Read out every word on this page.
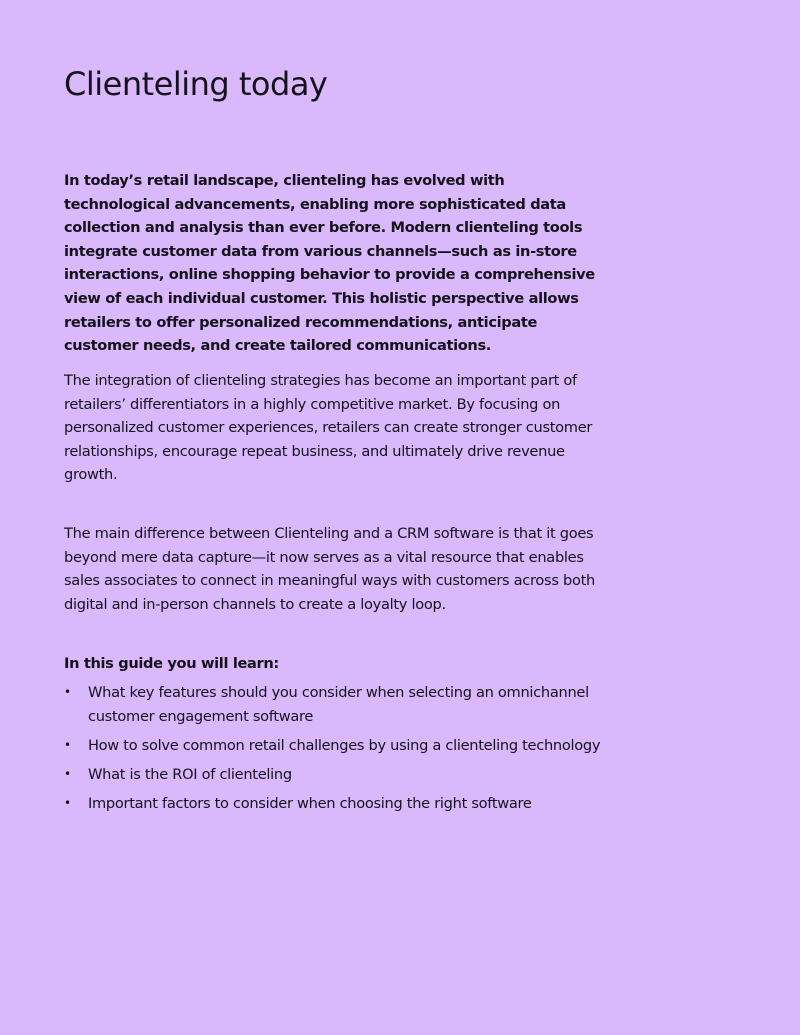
Clienteling today

In today’s retail landscape, clienteling has evolved with technological advancements, enabling more sophisticated data collection and analysis than ever before. Modern clienteling tools integrate customer data from various channels—such as in-store interactions, online shopping behavior to provide a comprehensive view of each individual customer. This holistic perspective allows retailers to offer personalized recommendations, anticipate customer needs, and create tailored communications.

The integration of clienteling strategies has become an important part of retailers’ differentiators in a highly competitive market. By focusing on personalized customer experiences, retailers can create stronger customer relationships, encourage repeat business, and ultimately drive revenue growth.

The main difference between Clienteling and a CRM software is that it goes beyond mere data capture—it now serves as a vital resource that enables sales associates to connect in meaningful ways with customers across both digital and in-person channels to create a loyalty loop.

In this guide you will learn:

• What key features should you consider when selecting an omnichannel customer engagement software
• How to solve common retail challenges by using a clienteling technology
• What is the ROI of clienteling
• Important factors to consider when choosing the right software
